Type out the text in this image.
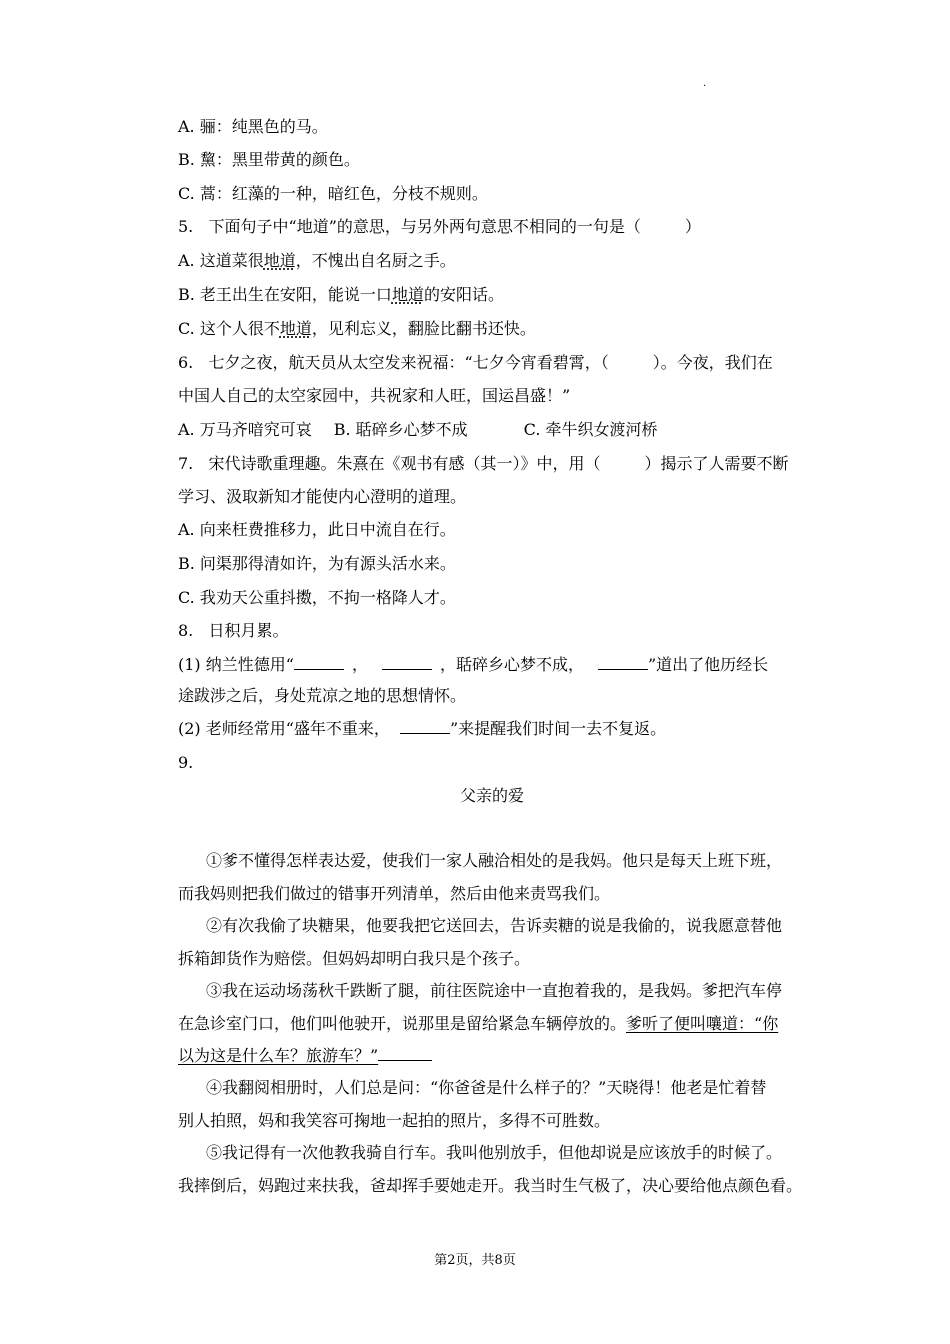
.
A. 骊：纯黑色的马。
B. 黧：黑里带黄的颜色。
C. 蒿：红藻的一种，暗红色，分枝不规则。
5.   下面句子中“地道”的意思，与另外两句意思不相同的一句是（	）
A. 这道菜很地道，不愧出自名厨之手。
B. 老王出生在安阳，能说一口地道的安阳话。
C. 这个人很不地道，见利忘义，翻脸比翻书还快。
6.   七夕之夜，航天员从太空发来祝福：“七夕今宵看碧霄，（	）。今夜，我们在
中国人自己的太空家园中，共祝家和人旺，国运昌盛！”
A. 万马齐喑究可哀 B. 聒碎乡心梦不成	C. 牵牛织女渡河桥
7.   宋代诗歌重理趣。朱熹在《观书有感（其一）》中，用（	）揭示了人需要不断
学习、汲取新知才能使内心澄明的道理。
A. 向来枉费推移力，此日中流自在行。
B. 问渠那得清如许，为有源头活水来。
C. 我劝天公重抖擞，不拘一格降人才。
8.   日积月累。
(1) 纳兰性德用“	，	，聒碎乡心梦不成，	”道出了他历经长
途跋涉之后，身处荒凉之地的思想情怀。
(2) 老师经常用“盛年不重来，	”来提醒我们时间一去不复返。
9.
父亲的爱
①爹不懂得怎样表达爱，使我们一家人融洽相处的是我妈。他只是每天上班下班，
而我妈则把我们做过的错事开列清单，然后由他来责骂我们。
②有次我偷了块糖果，他要我把它送回去，告诉卖糖的说是我偷的，说我愿意替他
拆箱卸货作为赔偿。但妈妈却明白我只是个孩子。
③我在运动场荡秋千跌断了腿，前往医院途中一直抱着我的，是我妈。爹把汽车停
在急诊室门口，他们叫他驶开，说那里是留给紧急车辆停放的。爹听了便叫嚷道：“你
以为这是什么车？旅游车？”
④我翻阅相册时，人们总是问：“你爸爸是什么样子的？”天晓得！他老是忙着替
别人拍照，妈和我笑容可掬地一起拍的照片，多得不可胜数。
⑤我记得有一次他教我骑自行车。我叫他别放手，但他却说是应该放手的时候了。
我摔倒后，妈跑过来扶我，爸却挥手要她走开。我当时生气极了，决心要给他点颜色看。
第2页，共8页
